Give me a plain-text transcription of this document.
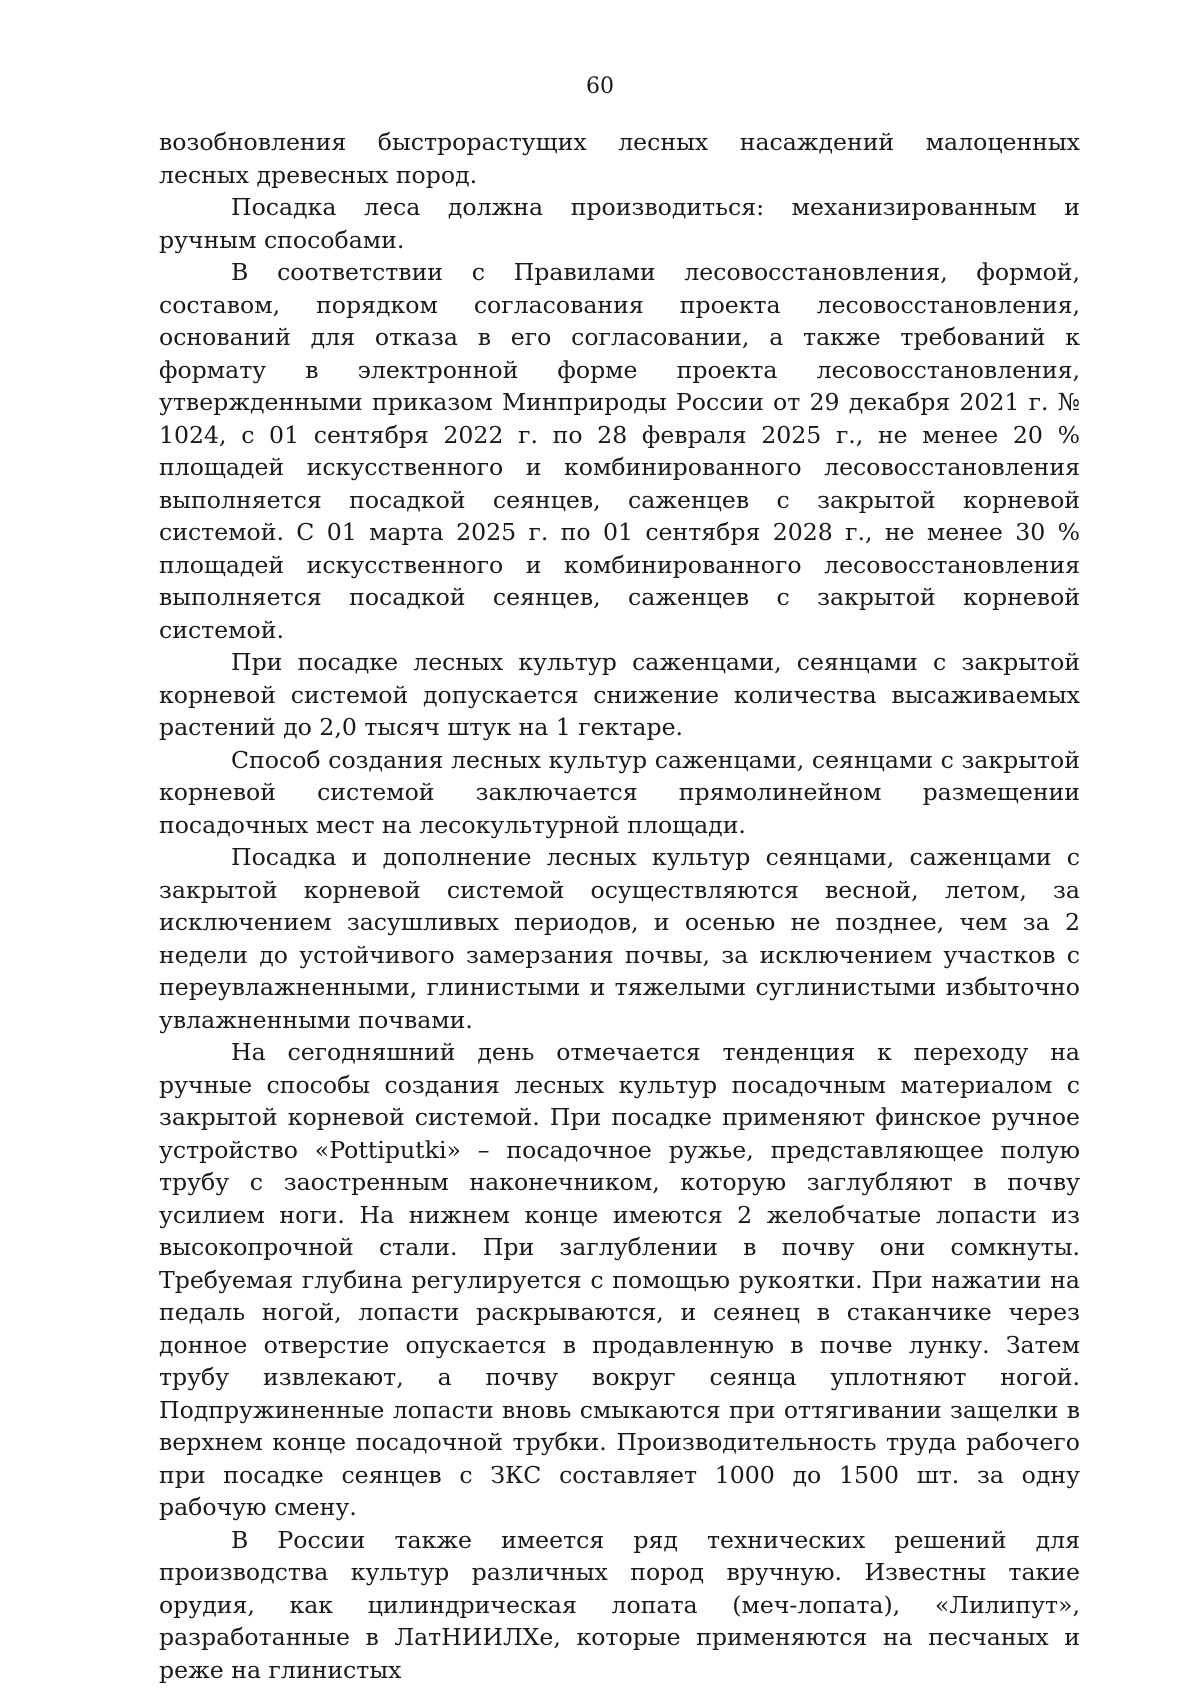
60

возобновления быстрорастущих лесных насаждений малоценных лесных древесных пород.

Посадка леса должна производиться: механизированным и ручным способами.

В соответствии с Правилами лесовосстановления, формой, составом, порядком согласования проекта лесовосстановления, оснований для отказа в его согласовании, а также требований к формату в электронной форме проекта лесовосстановления, утвержденными приказом Минприроды России от 29 декабря 2021 г. № 1024, с 01 сентября 2022 г. по 28 февраля 2025 г., не менее 20 % площадей искусственного и комбинированного лесовосстановления выполняется посадкой сеянцев, саженцев с закрытой корневой системой. С 01 марта 2025 г. по 01 сентября 2028 г., не менее 30 % площадей искусственного и комбинированного лесовосстановления выполняется посадкой сеянцев, саженцев с закрытой корневой системой.

При посадке лесных культур саженцами, сеянцами с закрытой корневой системой допускается снижение количества высаживаемых растений до 2,0 тысяч штук на 1 гектаре.

Способ создания лесных культур саженцами, сеянцами с закрытой корневой системой заключается прямолинейном размещении посадочных мест на лесокультурной площади.

Посадка и дополнение лесных культур сеянцами, саженцами с закрытой корневой системой осуществляются весной, летом, за исключением засушливых периодов, и осенью не позднее, чем за 2 недели до устойчивого замерзания почвы, за исключением участков с переувлажненными, глинистыми и тяжелыми суглинистыми избыточно увлажненными почвами.

На сегодняшний день отмечается тенденция к переходу на ручные способы создания лесных культур посадочным материалом с закрытой корневой системой. При посадке применяют финское ручное устройство «Pottiputki» – посадочное ружье, представляющее полую трубу с заостренным наконечником, которую заглубляют в почву усилием ноги. На нижнем конце имеются 2 желобчатые лопасти из высокопрочной стали. При заглублении в почву они сомкнуты. Требуемая глубина регулируется с помощью рукоятки. При нажатии на педаль ногой, лопасти раскрываются, и сеянец в стаканчике через донное отверстие опускается в продавленную в почве лунку. Затем трубу извлекают, а почву вокруг сеянца уплотняют ногой. Подпружиненные лопасти вновь смыкаются при оттягивании защелки в верхнем конце посадочной трубки. Производительность труда рабочего при посадке сеянцев с ЗКС составляет 1000 до 1500 шт. за одну рабочую смену.

В России также имеется ряд технических решений для производства культур различных пород вручную. Известны такие орудия, как цилиндрическая лопата (меч-лопата), «Лилипут», разработанные в ЛатНИИЛХе, которые применяются на песчаных и реже на глинистых
